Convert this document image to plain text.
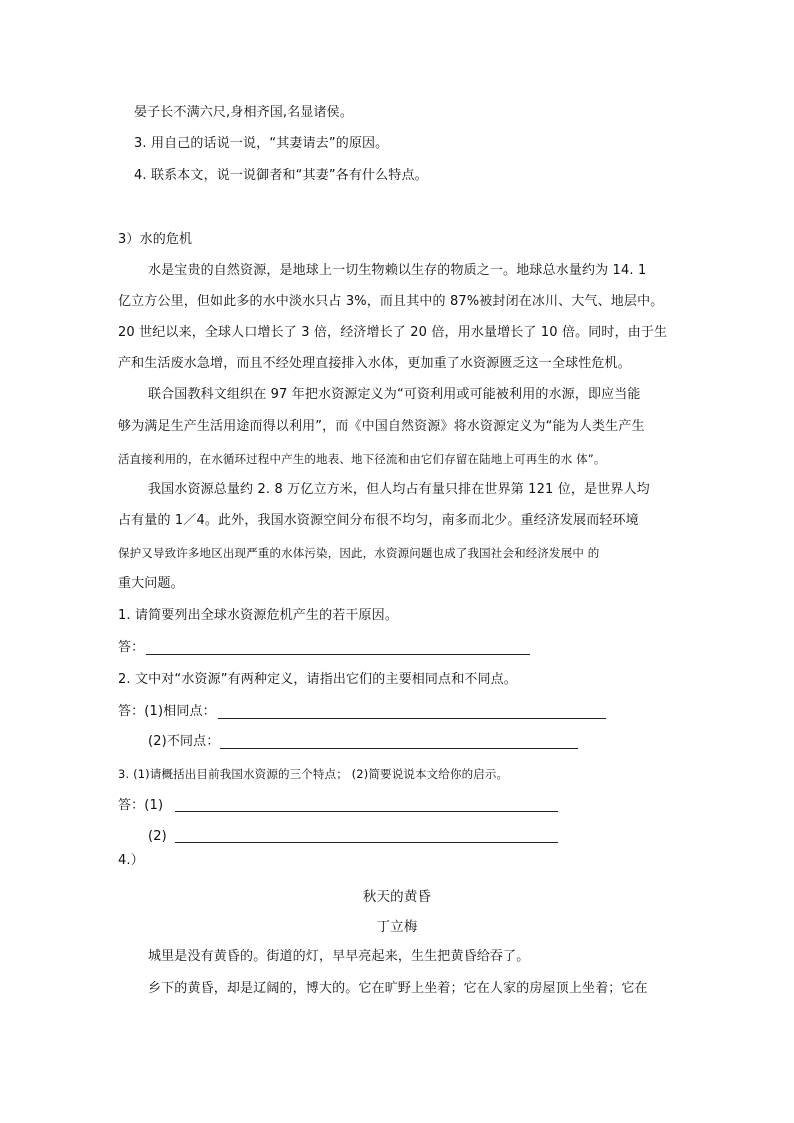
晏子长不满六尺,身相齐国,名显诸侯。
3. 用自己的话说一说，“其妻请去”的原因。
4. 联系本文，说一说御者和“其妻”各有什么特点。
3）水的危机
水是宝贵的自然资源，是地球上一切生物赖以生存的物质之一。地球总水量约为 14. 1
亿立方公里，但如此多的水中淡水只占 3%，而且其中的 87%被封闭在冰川、大气、地层中。
20 世纪以来，全球人口增长了 3 倍，经济增长了 20 倍，用水量增长了 10 倍。同时，由于生
产和生活废水急增，而且不经处理直接排入水体，更加重了水资源匮乏这一全球性危机。
联合国教科文组织在 97 年把水资源定义为“可资利用或可能被利用的水源，即应当能
够为满足生产生活用途而得以利用”，而《中国自然资源》将水资源定义为“能为人类生产生
活直接利用的，在水循环过程中产生的地表、地下径流和由它们存留在陆地上可再生的水 体”。
我国水资源总量约 2. 8 万亿立方米，但人均占有量只排在世界第 121 位，是世界人均
占有量的 1／4。此外，我国水资源空间分布很不均匀，南多而北少。重经济发展而轻环境
保护又导致许多地区出现严重的水体污染，因此，水资源问题也成了我国社会和经济发展中 的
重大问题。
1. 请简要列出全球水资源危机产生的若干原因。
答：
2. 文中对“水资源”有两种定义，请指出它们的主要相同点和不同点。
答：(1)相同点：
(2)不同点：
3. (1)请概括出目前我国水资源的三个特点； (2)简要说说本文给你的启示。
答：(1)
(2)
4.）
秋天的黄昏
丁立梅
城里是没有黄昏的。街道的灯，早早亮起来，生生把黄昏给吞了。
乡下的黄昏，却是辽阔的，博大的。它在旷野上坐着；它在人家的房屋顶上坐着；它在
